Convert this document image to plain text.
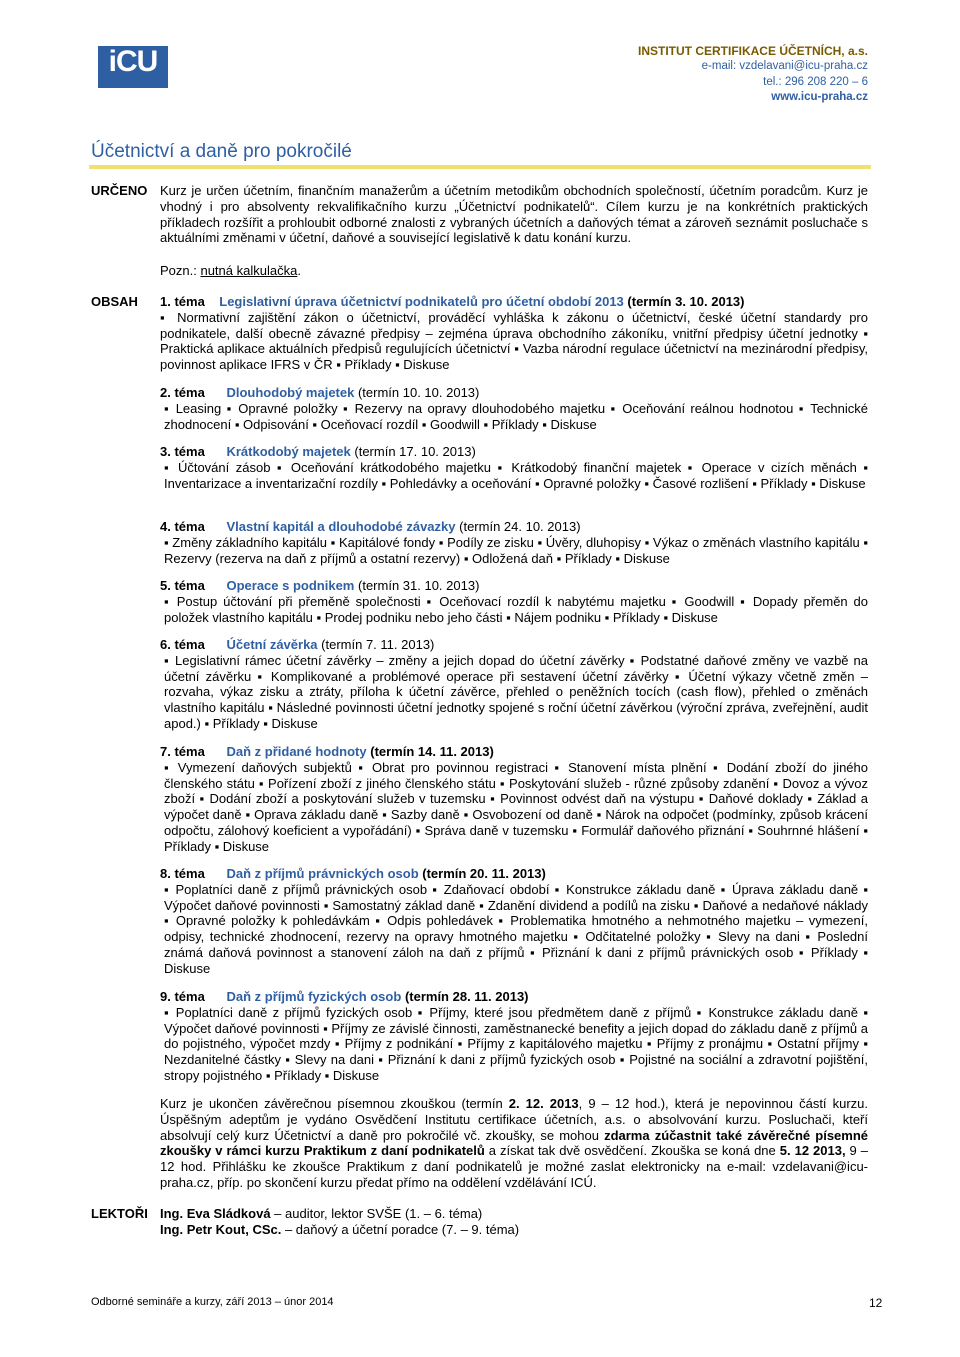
iCU	INSTITUT CERTIFIKACE ÚČETNÍCH, a.s.
e-mail: vzdelavani@icu-praha.cz
tel.: 296 208 220 – 6
www.icu-praha.cz
Účetnictví a daně pro pokročilé
URČENO Kurz je určen účetním, finančním manažerům a účetním metodikům obchodních společností, účetním poradcům. Kurz je vhodný i pro absolventy rekvalifikačního kurzu „Účetnictví podnikatelů“. Cílem kurzu je na konkrétních praktických příkladech rozšířit a prohloubit odborné znalosti z vybraných účetních a daňových témat a zároveň seznámit posluchače s aktuálními změnami v účetní, daňové a související legislativě k datu konání kurzu.
Pozn.: nutná kalkulačka.
OBSAH 1. téma Legislativní úprava účetnictví podnikatelů pro účetní období 2013 (termín 3. 10. 2013)
▪ Normativní zajištění zákon o účetnictví, prováděcí vyhláška k zákonu o účetnictví, české účetní standardy pro podnikatele, další obecně závazné předpisy – zejména úprava obchodního zákoníku, vnitřní předpisy účetní jednotky ▪ Praktická aplikace aktuálních předpisů regulujících účetnictví ▪ Vazba národní regulace účetnictví na mezinárodní předpisy, povinnost aplikace IFRS v ČR ▪ Příklady ▪ Diskuse
2. téma Dlouhodobý majetek (termín 10. 10. 2013)
▪ Leasing ▪ Opravné položky ▪ Rezervy na opravy dlouhodobého majetku ▪ Oceňování reálnou hodnotou ▪ Technické zhodnocení ▪ Odpisování ▪ Oceňovací rozdíl ▪ Goodwill ▪ Příklady ▪ Diskuse
3. téma Krátkodobý majetek (termín 17. 10. 2013)
▪ Účtování zásob ▪ Oceňování krátkodobého majetku ▪ Krátkodobý finanční majetek ▪ Operace v cizích měnách ▪ Inventarizace a inventarizační rozdíly ▪ Pohledávky a oceňování ▪ Opravné položky ▪ Časové rozlišení ▪ Příklady ▪ Diskuse
4. téma Vlastní kapitál a dlouhodobé závazky (termín 24. 10. 2013)
▪ Změny základního kapitálu ▪ Kapitálové fondy ▪ Podíly ze zisku ▪ Úvěry, dluhopisy ▪ Výkaz o změnách vlastního kapitálu ▪ Rezervy (rezerva na daň z příjmů a ostatní rezervy) ▪ Odložená daň ▪ Příklady ▪ Diskuse
5. téma Operace s podnikem (termín 31. 10. 2013)
▪ Postup účtování při přeměně společnosti ▪ Oceňovací rozdíl k nabytému majetku ▪ Goodwill ▪ Dopady přeměn do položek vlastního kapitálu ▪ Prodej podniku nebo jeho části ▪ Nájem podniku ▪ Příklady ▪ Diskuse
6. téma Účetní závěrka (termín 7. 11. 2013)
▪ Legislativní rámec účetní závěrky – změny a jejich dopad do účetní závěrky ▪ Podstatné daňové změny ve vazbě na účetní závěrku ▪ Komplikované a problémové operace při sestavení účetní závěrky ▪ Účetní výkazy včetně změn – rozvaha, výkaz zisku a ztráty, příloha k účetní závěrce, přehled o peněžních tocích (cash flow), přehled o změnách vlastního kapitálu ▪ Následné povinnosti účetní jednotky spojené s roční účetní závěrkou (výroční zpráva, zveřejnění, audit apod.) ▪ Příklady ▪ Diskuse
7. téma Daň z přidané hodnoty (termín 14. 11. 2013)
▪ Vymezení daňových subjektů ▪ Obrat pro povinnou registraci ▪ Stanovení místa plnění ▪ Dodání zboží do jiného členského státu ▪ Pořízení zboží z jiného členského státu ▪ Poskytování služeb - různé způsoby zdanění ▪ Dovoz a vývoz zboží ▪ Dodání zboží a poskytování služeb v tuzemsku ▪ Povinnost odvést daň na výstupu ▪ Daňové doklady ▪ Základ a výpočet daně ▪ Oprava základu daně ▪ Sazby daně ▪ Osvobození od daně ▪ Nárok na odpočet (podmínky, způsob krácení odpočtu, zálohový koeficient a vypořádání) ▪ Správa daně v tuzemsku ▪ Formulář daňového přiznání ▪ Souhrnné hlášení ▪ Příklady ▪ Diskuse
8. téma Daň z příjmů právnických osob (termín 20. 11. 2013)
▪ Poplatníci daně z příjmů právnických osob ▪ Zdaňovací období ▪ Konstrukce základu daně ▪ Úprava základu daně ▪ Výpočet daňové povinnosti ▪ Samostatný základ daně ▪ Zdanění dividend a podílů na zisku ▪ Daňové a nedaňové náklady ▪ Opravné položky k pohledávkám ▪ Odpis pohledávek ▪ Problematika hmotného a nehmotného majetku – vymezení, odpisy, technické zhodnocení, rezervy na opravy hmotného majetku ▪ Odčitatelné položky ▪ Slevy na dani ▪ Poslední známá daňová povinnost a stanovení záloh na daň z příjmů ▪ Přiznání k dani z příjmů právnických osob ▪ Příklady ▪ Diskuse
9. téma Daň z příjmů fyzických osob (termín 28. 11. 2013)
▪ Poplatníci daně z příjmů fyzických osob ▪ Příjmy, které jsou předmětem daně z příjmů ▪ Konstrukce základu daně ▪ Výpočet daňové povinnosti ▪ Příjmy ze závislé činnosti, zaměstnanecké benefity a jejich dopad do základu daně z příjmů a do pojistného, výpočet mzdy ▪ Příjmy z podnikání ▪ Příjmy z kapitálového majetku ▪ Příjmy z pronájmu ▪ Ostatní příjmy ▪ Nezdanitelné částky ▪ Slevy na dani ▪ Přiznání k dani z příjmů fyzických osob ▪ Pojistné na sociální a zdravotní pojištění, stropy pojistného ▪ Příklady ▪ Diskuse
Kurz je ukončen závěrečnou písemnou zkouškou (termín 2. 12. 2013, 9 – 12 hod.), která je nepovinnou částí kurzu. Úspěšným adeptům je vydáno Osvědčení Institutu certifikace účetních, a.s. o absolvování kurzu. Posluchači, kteří absolvují celý kurz Účetnictví a daně pro pokročilé vč. zkoušky, se mohou zdarma zúčastnit také závěrečné písemné zkoušky v rámci kurzu Praktikum z daní podnikatelů a získat tak dvě osvědčení. Zkouška se koná dne 5. 12 2013, 9 – 12 hod. Přihlášku ke zkoušce Praktikum z daní podnikatelů je možné zaslat elektronicky na e-mail: vzdelavani@icu-praha.cz, příp. po skončení kurzu předat přímo na oddělení vzdělávání ICÚ.
LEKTOŘI Ing. Eva Sládková – auditor, lektor SVŠE (1. – 6. téma)
Ing. Petr Kout, CSc. – daňový a účetní poradce (7. – 9. téma)
Odborné semináře a kurzy, září 2013 – únor 2014	12
